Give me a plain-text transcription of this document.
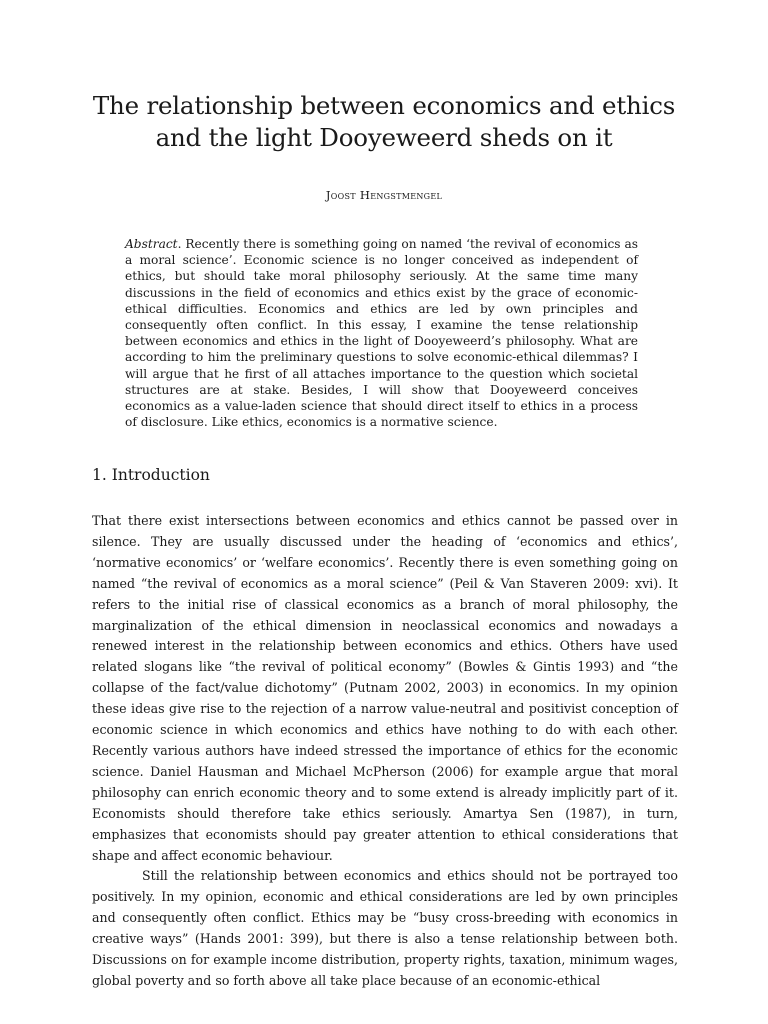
The relationship between economics and ethics
and the light Dooyeweerd sheds on it
Joost Hengstmengel
Abstract. Recently there is something going on named ‘the revival of economics as a moral science’. Economic science is no longer conceived as independent of ethics, but should take moral philosophy seriously. At the same time many discussions in the field of economics and ethics exist by the grace of economic-ethical difficulties. Economics and ethics are led by own principles and consequently often conflict. In this essay, I examine the tense relationship between economics and ethics in the light of Dooyeweerd’s philosophy. What are according to him the preliminary questions to solve economic-ethical dilemmas? I will argue that he first of all attaches importance to the question which societal structures are at stake. Besides, I will show that Dooyeweerd conceives economics as a value-laden science that should direct itself to ethics in a process of disclosure. Like ethics, economics is a normative science.
1. Introduction

That there exist intersections between economics and ethics cannot be passed over in silence. They are usually discussed under the heading of ‘economics and ethics’, ‘normative economics’ or ‘welfare economics’. Recently there is even something going on named “the revival of economics as a moral science” (Peil & Van Staveren 2009: xvi). It refers to the initial rise of classical economics as a branch of moral philosophy, the marginalization of the ethical dimension in neoclassical economics and nowadays a renewed interest in the relationship between economics and ethics. Others have used related slogans like “the revival of political economy” (Bowles & Gintis 1993) and “the collapse of the fact/value dichotomy” (Putnam 2002, 2003) in economics. In my opinion these ideas give rise to the rejection of a narrow value-neutral and positivist conception of economic science in which economics and ethics have nothing to do with each other. Recently various authors have indeed stressed the importance of ethics for the economic science. Daniel Hausman and Michael McPherson (2006) for example argue that moral philosophy can enrich economic theory and to some extend is already implicitly part of it. Economists should therefore take ethics seriously. Amartya Sen (1987), in turn, emphasizes that economists should pay greater attention to ethical considerations that shape and affect economic behaviour.

Still the relationship between economics and ethics should not be portrayed too positively. In my opinion, economic and ethical considerations are led by own principles and consequently often conflict. Ethics may be “busy cross-breeding with economics in creative ways” (Hands 2001: 399), but there is also a tense relationship between both. Discussions on for example income distribution, property rights, taxation, minimum wages, global poverty and so forth above all take place because of an economic-ethical
